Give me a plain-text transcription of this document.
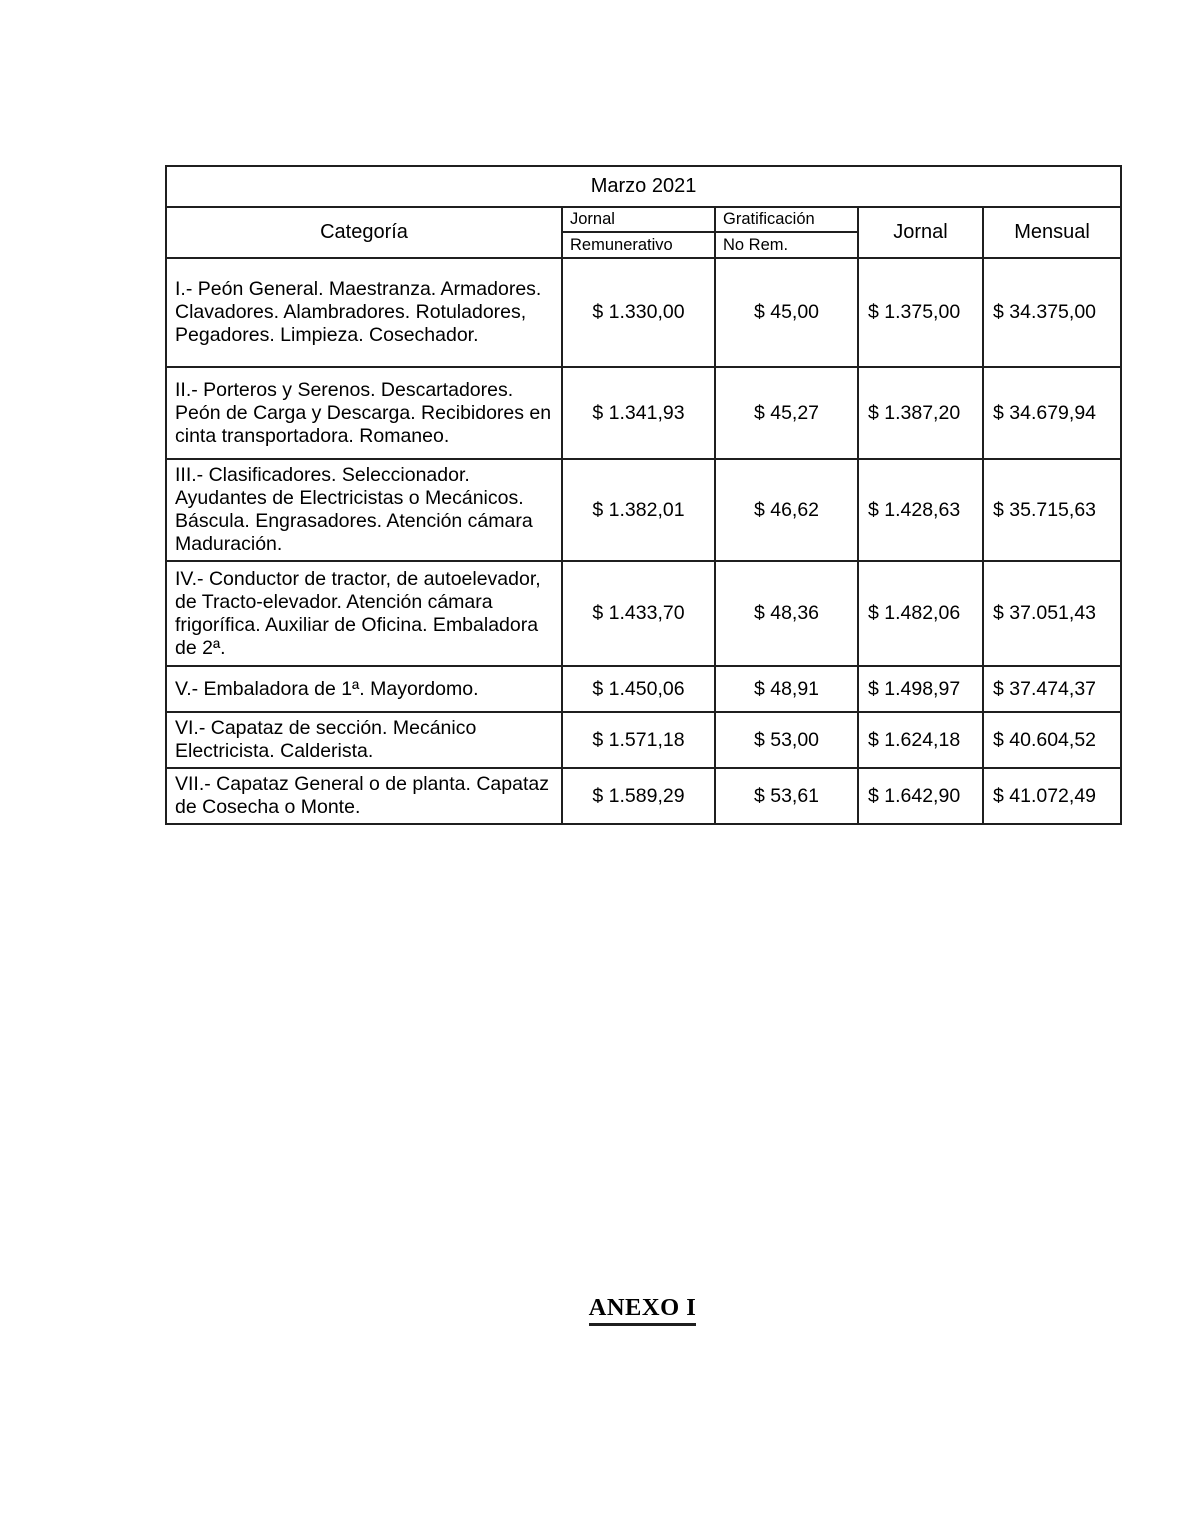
Marzo 2021				
Categoría	Jornal	Gratificación	Jornal	Mensual
	Remunerativo	No Rem.		
I.- Peón General. Maestranza. Armadores. Clavadores. Alambradores. Rotuladores, Pegadores. Limpieza. Cosechador.	$ 1.330,00	$ 45,00	$ 1.375,00	$ 34.375,00
II.- Porteros y Serenos. Descartadores. Peón de Carga y Descarga. Recibidores en cinta transportadora. Romaneo.	$ 1.341,93	$ 45,27	$ 1.387,20	$ 34.679,94
III.- Clasificadores. Seleccionador. Ayudantes de Electricistas o Mecánicos. Báscula. Engrasadores. Atención cámara Maduración.	$ 1.382,01	$ 46,62	$ 1.428,63	$ 35.715,63
IV.- Conductor de tractor, de autoelevador, de Tracto-elevador. Atención cámara frigorífica. Auxiliar de Oficina. Embaladora de 2ª.	$ 1.433,70	$ 48,36	$ 1.482,06	$ 37.051,43
V.- Embaladora de 1ª. Mayordomo.	$ 1.450,06	$ 48,91	$ 1.498,97	$ 37.474,37
VI.- Capataz de sección. Mecánico Electricista. Calderista.	$ 1.571,18	$ 53,00	$ 1.624,18	$ 40.604,52
VII.- Capataz General o de planta. Capataz de Cosecha o Monte.	$ 1.589,29	$ 53,61	$ 1.642,90	$ 41.072,49
ANEXO I
